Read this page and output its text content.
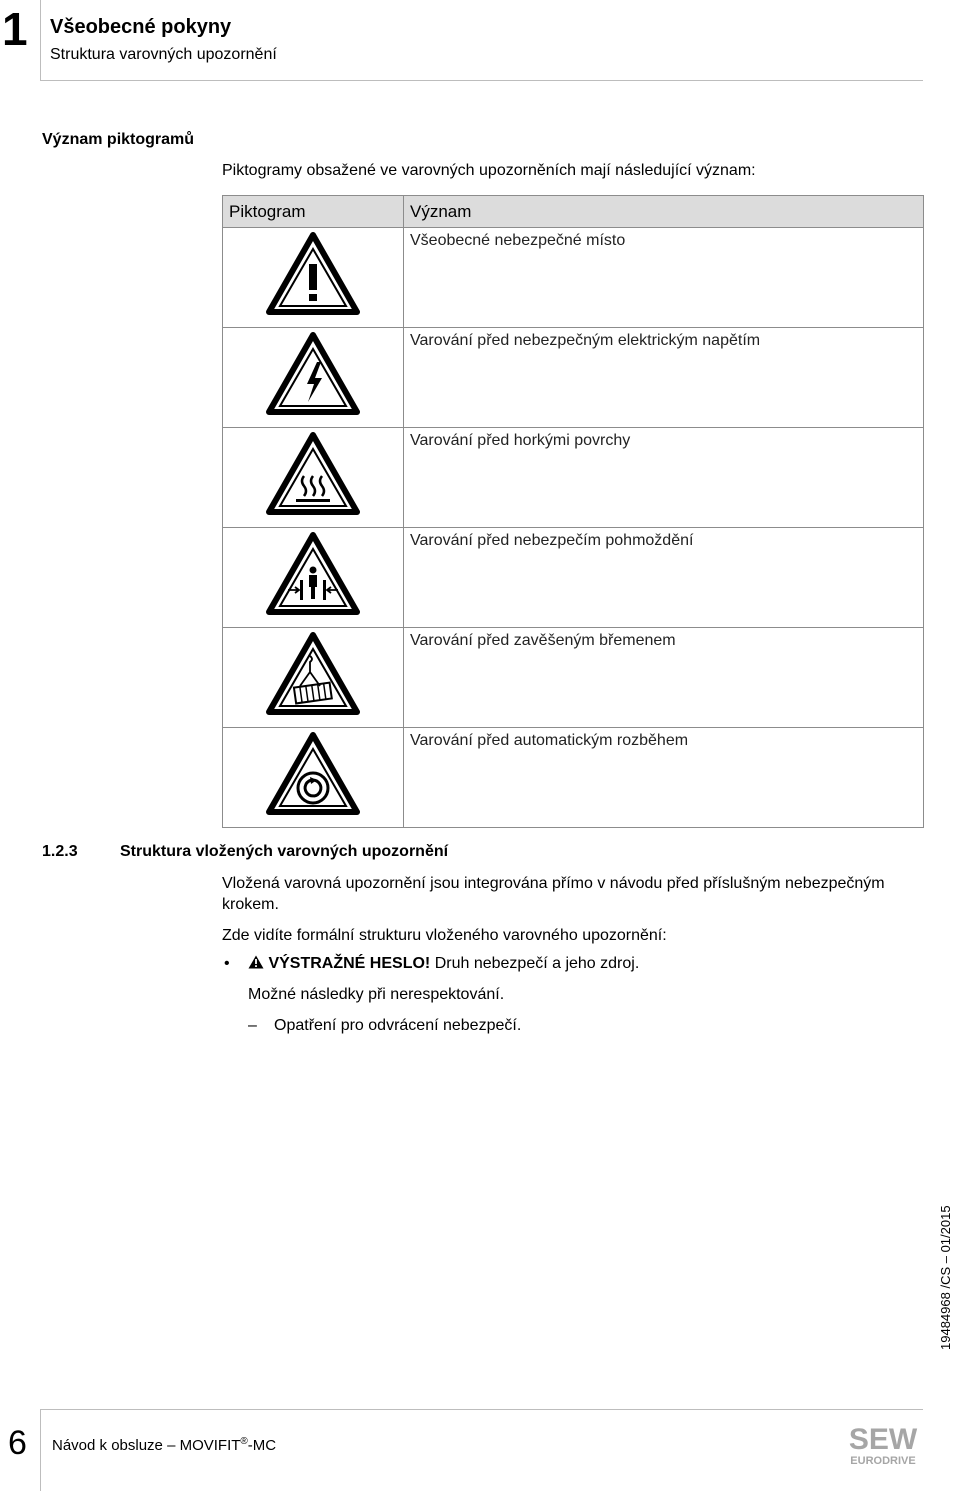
1 Všeobecné pokyny
Struktura varovných upozornění
Význam piktogramů
Piktogramy obsažené ve varovných upozorněních mají následující význam:
Piktogram	Význam

	Všeobecné nebezpečné místo

	Varování před nebezpečným elektrickým napětím

	Varování před horkými povrchy

	Varování před nebezpečím pohmoždění

	Varování před zavěšeným břemenem

	Varování před automatickým rozběhem
1.2.3	Struktura vložených varovných upozornění
Vložená varovná upozornění jsou integrována přímo v návodu před příslušným nebezpečným krokem.
Zde vidíte formální strukturu vloženého varovného upozornění:
•	VÝSTRAŽNÉ HESLO! Druh nebezpečí a jeho zdroj.
Možné následky při nerespektování.
– Opatření pro odvrácení nebezpečí.
19484968 /CS – 01/2015
6 Návod k obsluze – MOVIFIT®-MC	SEW
EURODRIVE
